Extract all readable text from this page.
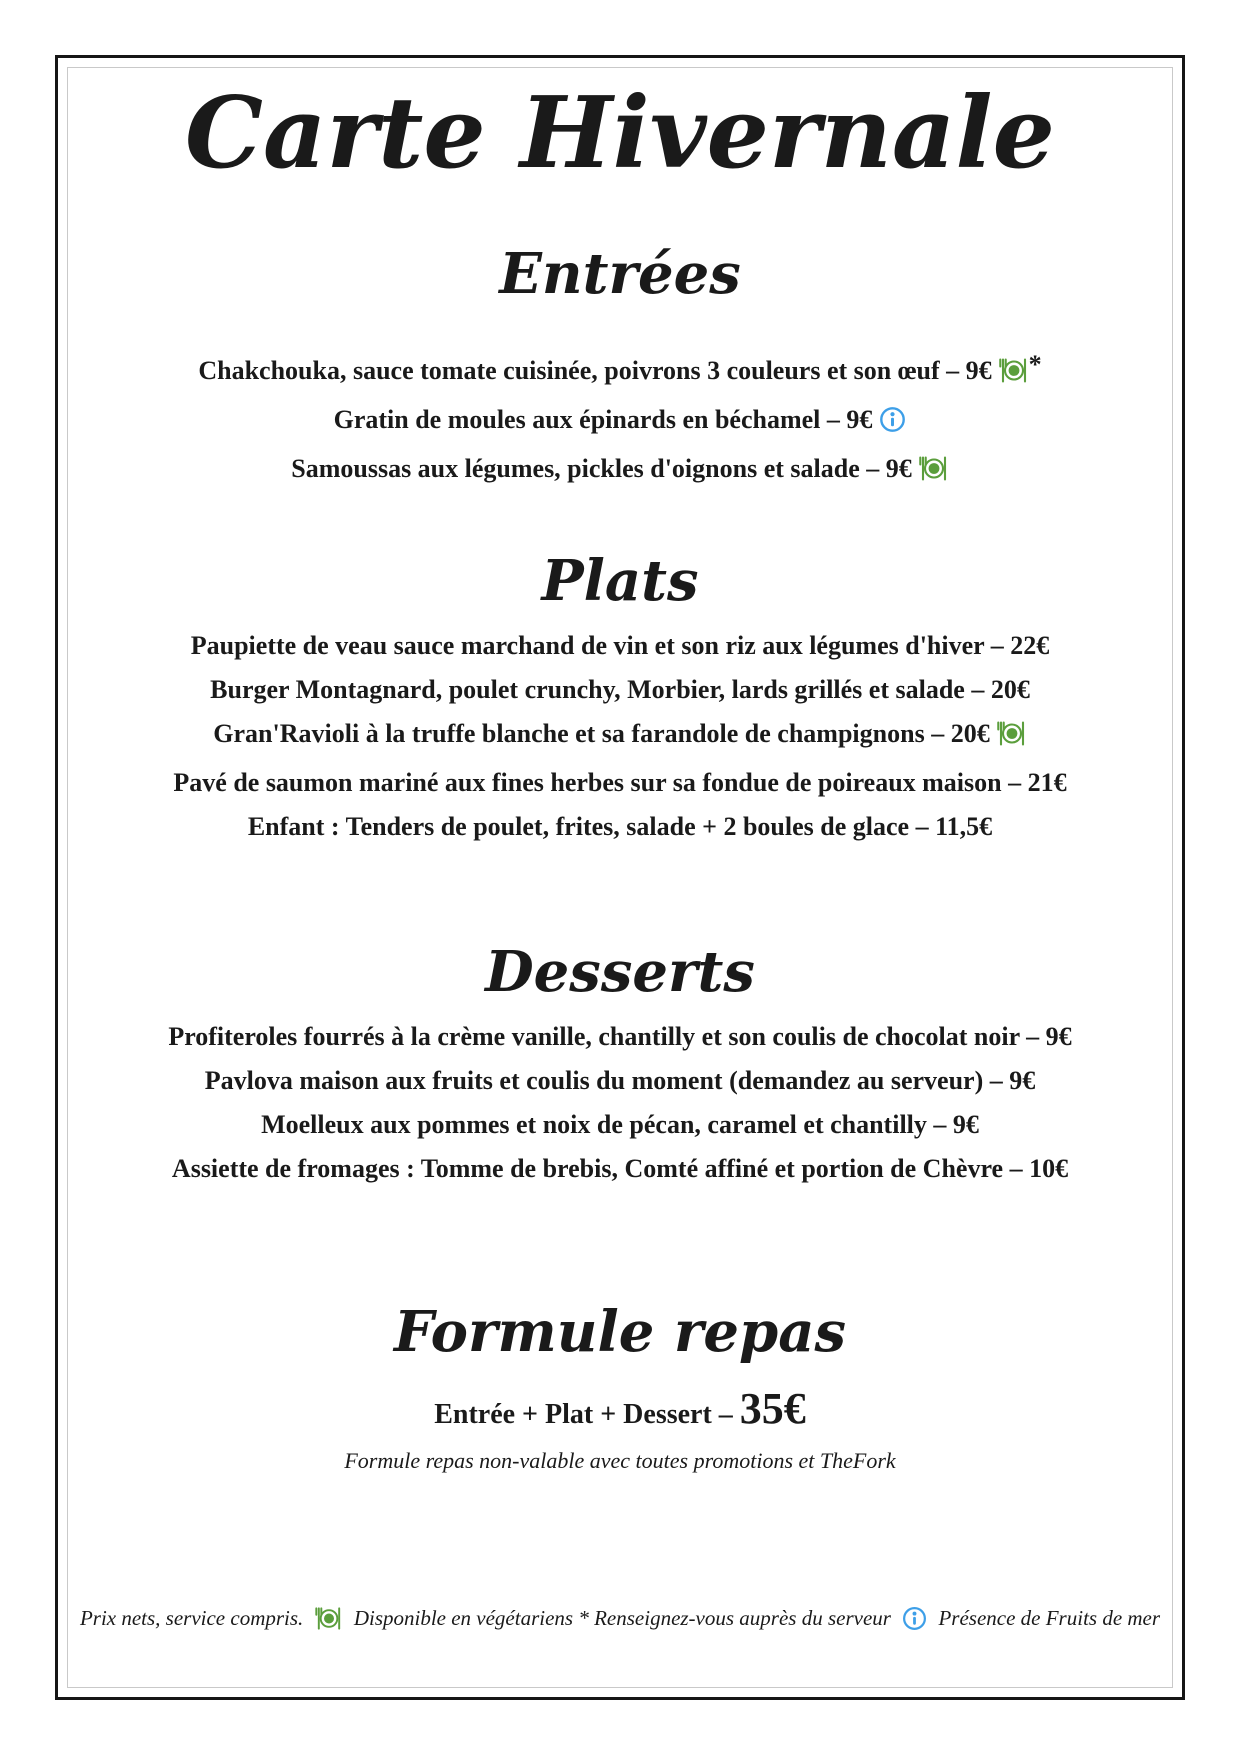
Carte Hivernale
Entrées
Chakchouka, sauce tomate cuisinée, poivrons 3 couleurs et son œuf – 9€ *
Gratin de moules aux épinards en béchamel – 9€
Samoussas aux légumes, pickles d'oignons et salade – 9€
Plats
Paupiette de veau sauce marchand de vin et son riz aux légumes d'hiver – 22€
Burger Montagnard, poulet crunchy, Morbier, lards grillés et salade – 20€
Gran'Ravioli à la truffe blanche et sa farandole de champignons – 20€
Pavé de saumon mariné aux fines herbes sur sa fondue de poireaux maison – 21€
Enfant : Tenders de poulet, frites, salade + 2 boules de glace – 11,5€
Desserts
Profiteroles fourrés à la crème vanille, chantilly et son coulis de chocolat noir – 9€
Pavlova maison aux fruits et coulis du moment (demandez au serveur) – 9€
Moelleux aux pommes et noix de pécan, caramel et chantilly – 9€
Assiette de fromages : Tomme de brebis, Comté affiné et portion de Chèvre – 10€
Formule repas
Entrée + Plat + Dessert – 35€
Formule repas non-valable avec toutes promotions et TheFork
Prix nets, service compris. Disponible en végétariens * Renseignez-vous auprès du serveur Présence de Fruits de mer
